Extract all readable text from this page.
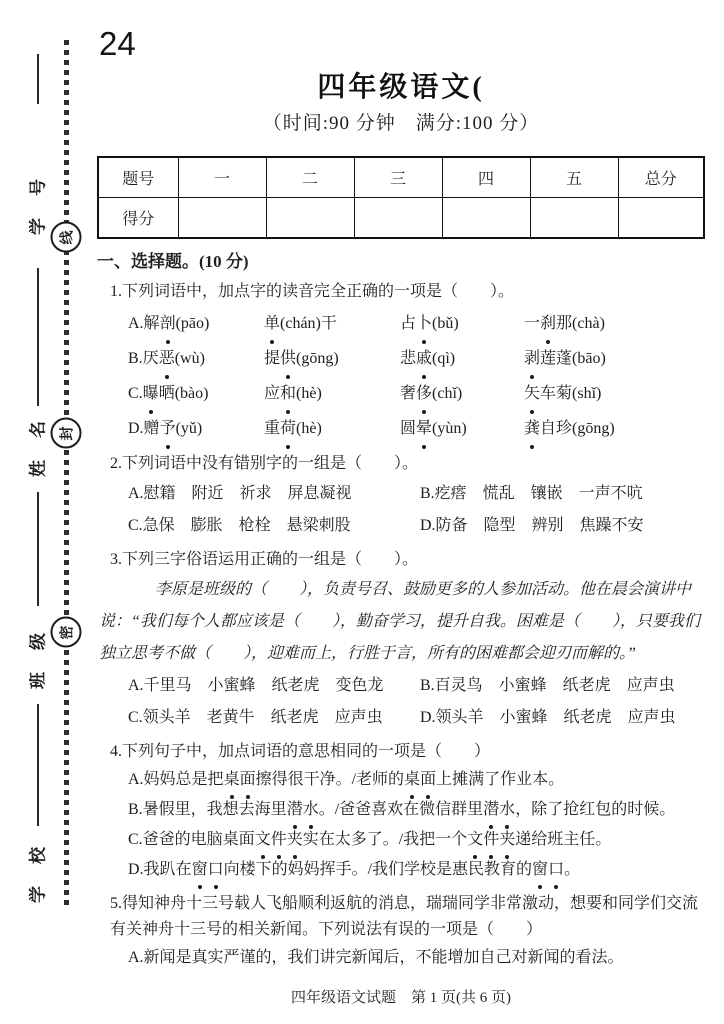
学号
姓名
班级
学校
线
封
密
24
四年级语文(
（时间:90 分钟　满分:100 分）
题号	一	二	三	四	五	总分
得分						
一、选择题。(10 分)
1.下列词语中，加点字的读音完全正确的一项是（　　）。
A.解剖(pāo)	单(chán)干	占卜(bǔ)	一刹那(chà)
B.厌恶(wù)	提供(gōng)	悲戚(qì)	剥莲蓬(bāo)
C.曝晒(bào)	应和(hè)	奢侈(chǐ)	矢车菊(shǐ)
D.赠予(yǔ)	重荷(hè)	圆晕(yùn)	龚自珍(gōng)
2.下列词语中没有错别字的一组是（　　）。
A.慰籍　附近　祈求　屏息凝视	B.疙瘩　慌乱　镶嵌　一声不吭
C.急保　膨胀　枪栓　悬梁刺股	D.防备　隐型　辨别　焦躁不安
3.下列三字俗语运用正确的一组是（　　）。
李原是班级的（　　），负责号召、鼓励更多的人参加活动。他在晨会演讲中
说：“我们每个人都应该是（　　），勤奋学习，提升自我。困难是（　　），只要我们
独立思考不做（　　），迎难而上，行胜于言，所有的困难都会迎刃而解的。”
A.千里马　小蜜蜂　纸老虎　变色龙	B.百灵鸟　小蜜蜂　纸老虎　应声虫
C.领头羊　老黄牛　纸老虎　应声虫	D.领头羊　小蜜蜂　纸老虎　应声虫
4.下列句子中，加点词语的意思相同的一项是（　　）
A.妈妈总是把桌面擦得很干净。/老师的桌面上摊满了作业本。
B.暑假里，我想去海里潜水。/爸爸喜欢在微信群里潜水，除了抢红包的时候。
C.爸爸的电脑桌面文件夹实在太多了。/我把一个文件夹递给班主任。
D.我趴在窗口向楼下的妈妈挥手。/我们学校是惠民教育的窗口。
5.得知神舟十三号载人飞船顺利返航的消息，瑞瑞同学非常激动，想要和同学们交流有关神舟十三号的相关新闻。下列说法有误的一项是（　　）
A.新闻是真实严谨的，我们讲完新闻后，不能增加自己对新闻的看法。
四年级语文试题　第 1 页(共 6 页)
